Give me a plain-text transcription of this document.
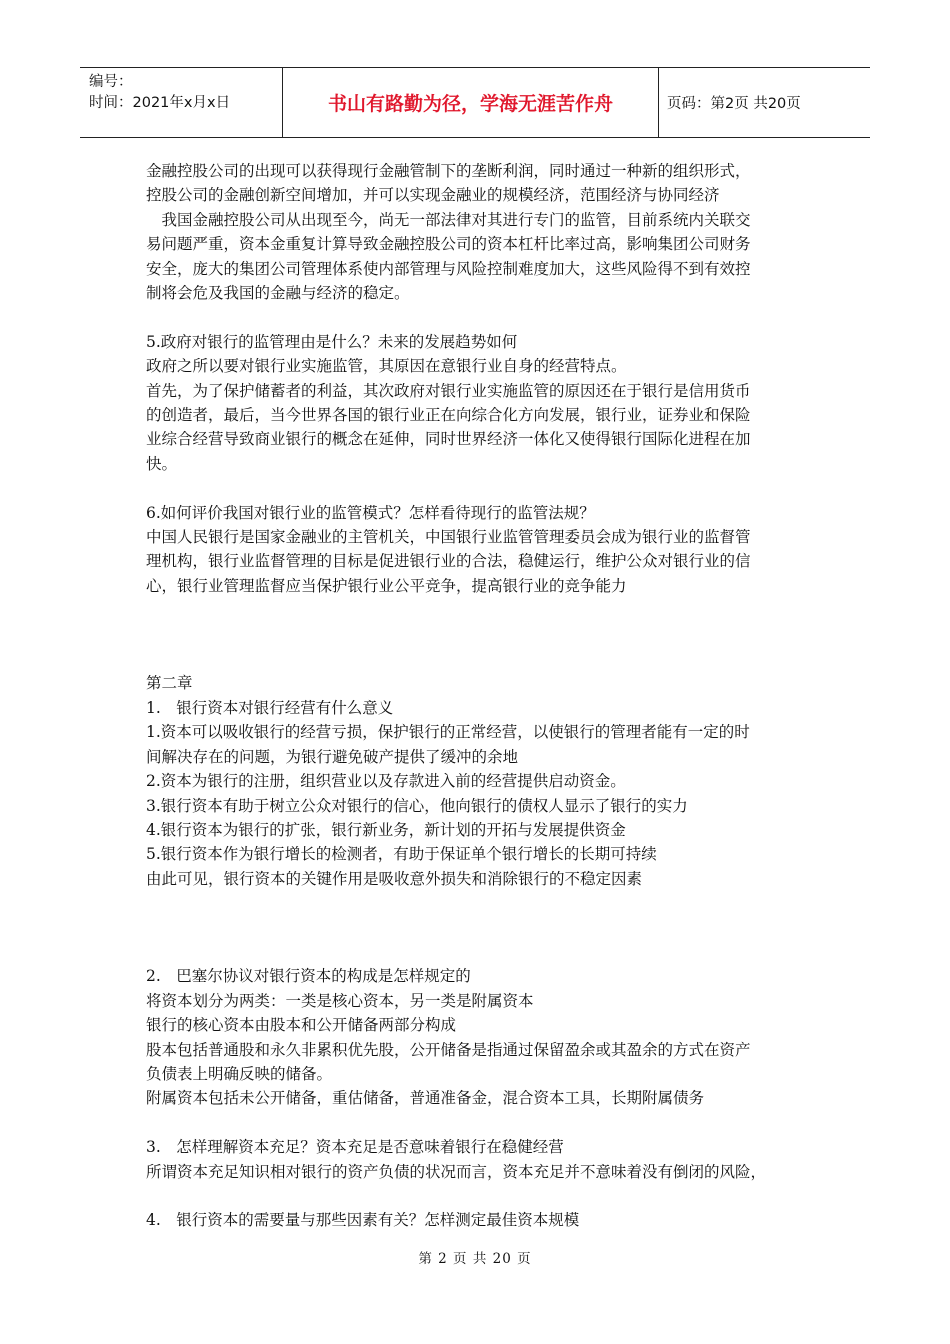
编号：
时间：2021年x月x日	书山有路勤为径，学海无涯苦作舟	页码：第2页 共20页
金融控股公司的出现可以获得现行金融管制下的垄断利润，同时通过一种新的组织形式，
控股公司的金融创新空间增加，并可以实现金融业的规模经济，范围经济与协同经济
　我国金融控股公司从出现至今，尚无一部法律对其进行专门的监管，目前系统内关联交
易问题严重，资本金重复计算导致金融控股公司的资本杠杆比率过高，影响集团公司财务
安全，庞大的集团公司管理体系使内部管理与风险控制难度加大，这些风险得不到有效控
制将会危及我国的金融与经济的稳定。
5.政府对银行的监管理由是什么？未来的发展趋势如何
政府之所以要对银行业实施监管，其原因在意银行业自身的经营特点。
首先，为了保护储蓄者的利益，其次政府对银行业实施监管的原因还在于银行是信用货币
的创造者，最后，当今世界各国的银行业正在向综合化方向发展，银行业，证券业和保险
业综合经营导致商业银行的概念在延伸，同时世界经济一体化又使得银行国际化进程在加
快。
6.如何评价我国对银行业的监管模式？怎样看待现行的监管法规？
中国人民银行是国家金融业的主管机关，中国银行业监管管理委员会成为银行业的监督管
理机构，银行业监督管理的目标是促进银行业的合法，稳健运行，维护公众对银行业的信
心，银行业管理监督应当保护银行业公平竞争，提高银行业的竞争能力
第二章
1.　银行资本对银行经营有什么意义
1.资本可以吸收银行的经营亏损，保护银行的正常经营，以使银行的管理者能有一定的时
间解决存在的问题，为银行避免破产提供了缓冲的余地
2.资本为银行的注册，组织营业以及存款进入前的经营提供启动资金。
3.银行资本有助于树立公众对银行的信心，他向银行的债权人显示了银行的实力
4.银行资本为银行的扩张，银行新业务，新计划的开拓与发展提供资金
5.银行资本作为银行增长的检测者，有助于保证单个银行增长的长期可持续
由此可见，银行资本的关键作用是吸收意外损失和消除银行的不稳定因素
2.　巴塞尔协议对银行资本的构成是怎样规定的
将资本划分为两类：一类是核心资本，另一类是附属资本
银行的核心资本由股本和公开储备两部分构成
股本包括普通股和永久非累积优先股，公开储备是指通过保留盈余或其盈余的方式在资产
负债表上明确反映的储备。
附属资本包括未公开储备，重估储备，普通准备金，混合资本工具，长期附属债务
3.　怎样理解资本充足？资本充足是否意味着银行在稳健经营
所谓资本充足知识相对银行的资产负债的状况而言，资本充足并不意味着没有倒闭的风险，
4.　银行资本的需要量与那些因素有关？怎样测定最佳资本规模
第 2 页 共 20 页
